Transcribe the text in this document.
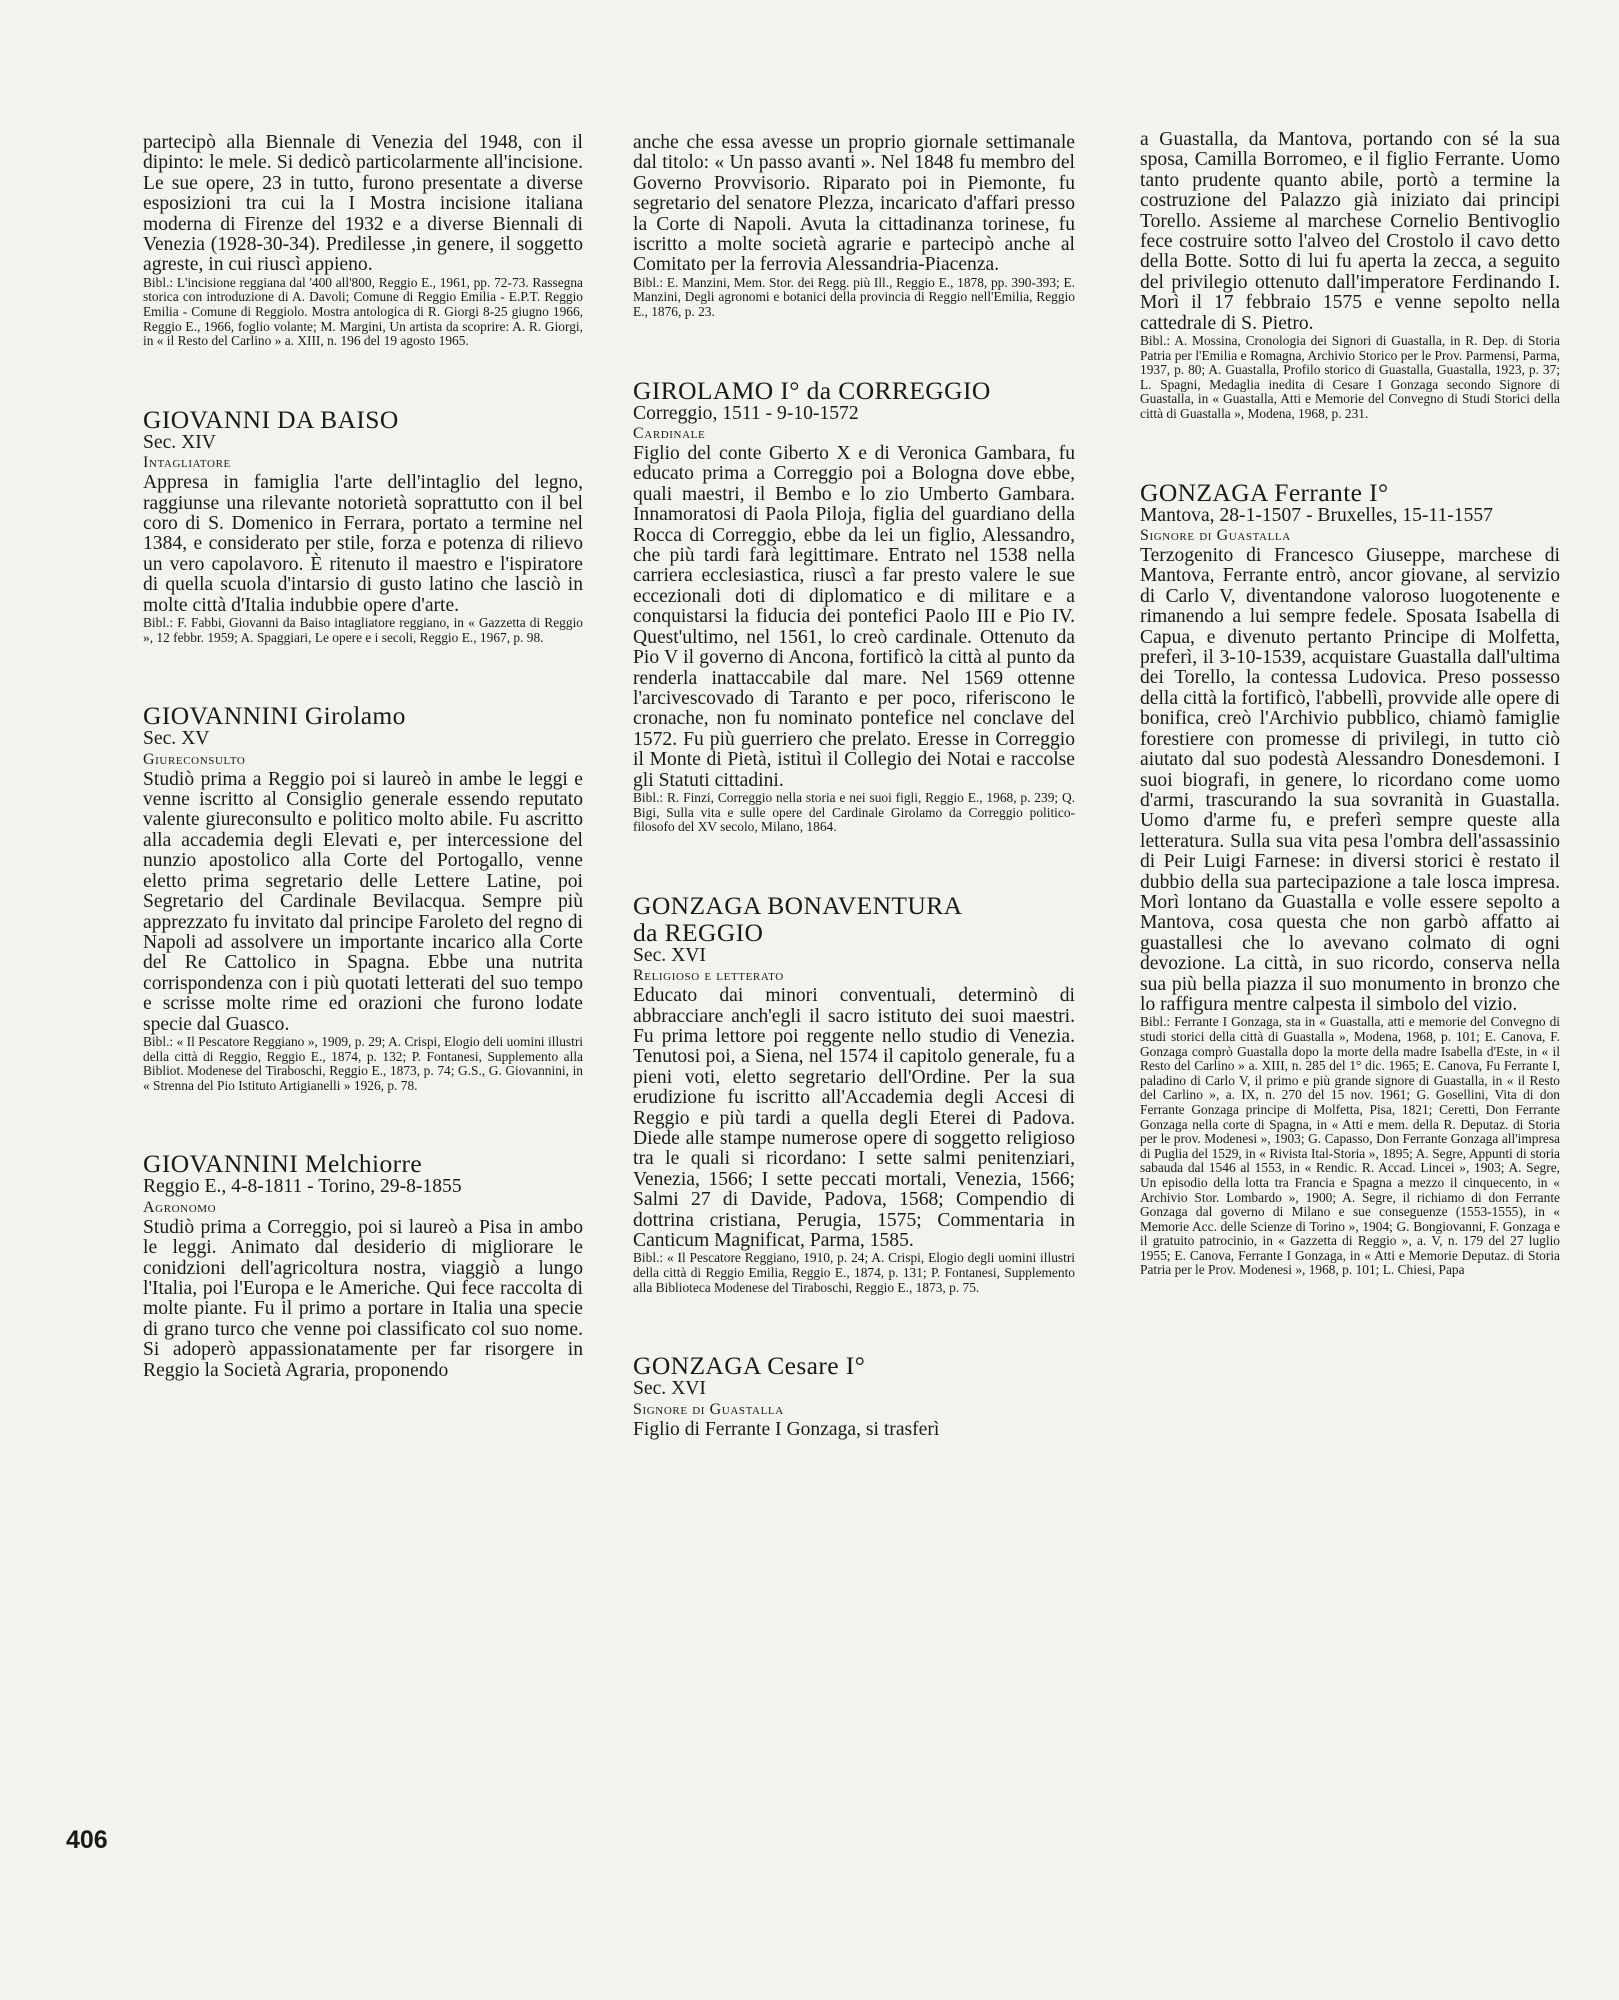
partecipò alla Biennale di Venezia del 1948, con il dipinto: le mele. Si dedicò particolarmente all'incisione. Le sue opere, 23 in tutto, furono presentate a diverse esposizioni tra cui la I Mostra incisione italiana moderna di Firenze del 1932 e a diverse Biennali di Venezia (1928-30-34). Predilesse ,in genere, il soggetto agreste, in cui riuscì appieno.

Bibl.: L'incisione reggiana dal '400 all'800, Reggio E., 1961, pp. 72-73. Rassegna storica con introduzione di A. Davoli; Comune di Reggio Emilia - E.P.T. Reggio Emilia - Comune di Reggiolo. Mostra antologica di R. Giorgi 8-25 giugno 1966, Reggio E., 1966, foglio volante; M. Margini, Un artista da scoprire: A. R. Giorgi, in « il Resto del Carlino » a. XIII, n. 196 del 19 agosto 1965.

GIOVANNI DA BAISO

Sec. XIV

Intagliatore

Appresa in famiglia l'arte dell'intaglio del legno, raggiunse una rilevante notorietà soprattutto con il bel coro di S. Domenico in Ferrara, portato a termine nel 1384, e considerato per stile, forza e potenza di rilievo un vero capolavoro. È ritenuto il maestro e l'ispiratore di quella scuola d'intarsio di gusto latino che lasciò in molte città d'Italia indubbie opere d'arte.

Bibl.: F. Fabbi, Giovanni da Baiso intagliatore reggiano, in « Gazzetta di Reggio », 12 febbr. 1959; A. Spaggiari, Le opere e i secoli, Reggio E., 1967, p. 98.

GIOVANNINI Girolamo

Sec. XV

Giureconsulto

Studiò prima a Reggio poi si laureò in ambe le leggi e venne iscritto al Consiglio generale essendo reputato valente giureconsulto e politico molto abile. Fu ascritto alla accademia degli Elevati e, per intercessione del nunzio apostolico alla Corte del Portogallo, venne eletto prima segretario delle Lettere Latine, poi Segretario del Cardinale Bevilacqua. Sempre più apprezzato fu invitato dal principe Faroleto del regno di Napoli ad assolvere un importante incarico alla Corte del Re Cattolico in Spagna. Ebbe una nutrita corrispondenza con i più quotati letterati del suo tempo e scrisse molte rime ed orazioni che furono lodate specie dal Guasco.

Bibl.: « Il Pescatore Reggiano », 1909, p. 29; A. Crispi, Elogio deli uomini illustri della città di Reggio, Reggio E., 1874, p. 132; P. Fontanesi, Supplemento alla Bibliot. Modenese del Tiraboschi, Reggio E., 1873, p. 74; G.S., G. Giovannini, in « Strenna del Pio Istituto Artigianelli » 1926, p. 78.

GIOVANNINI Melchiorre

Reggio E., 4-8-1811 - Torino, 29-8-1855

Agronomo

Studiò prima a Correggio, poi si laureò a Pisa in ambo le leggi. Animato dal desiderio di migliorare le conidzioni dell'agricoltura nostra, viaggiò a lungo l'Italia, poi l'Europa e le Americhe. Qui fece raccolta di molte piante. Fu il primo a portare in Italia una specie di grano turco che venne poi classificato col suo nome. Si adoperò appassionatamente per far risorgere in Reggio la Società Agraria, proponendo

anche che essa avesse un proprio giornale settimanale dal titolo: « Un passo avanti ». Nel 1848 fu membro del Governo Provvisorio. Riparato poi in Piemonte, fu segretario del senatore Plezza, incaricato d'affari presso la Corte di Napoli. Avuta la cittadinanza torinese, fu iscritto a molte società agrarie e partecipò anche al Comitato per la ferrovia Alessandria-Piacenza.

Bibl.: E. Manzini, Mem. Stor. dei Regg. più Ill., Reggio E., 1878, pp. 390-393; E. Manzini, Degli agronomi e botanici della provincia di Reggio nell'Emilia, Reggio E., 1876, p. 23.

GIROLAMO I° da CORREGGIO

Correggio, 1511 - 9-10-1572

Cardinale

Figlio del conte Giberto X e di Veronica Gambara, fu educato prima a Correggio poi a Bologna dove ebbe, quali maestri, il Bembo e lo zio Umberto Gambara. Innamoratosi di Paola Piloja, figlia del guardiano della Rocca di Correggio, ebbe da lei un figlio, Alessandro, che più tardi farà legittimare. Entrato nel 1538 nella carriera ecclesiastica, riuscì a far presto valere le sue eccezionali doti di diplomatico e di militare e a conquistarsi la fiducia dei pontefici Paolo III e Pio IV. Quest'ultimo, nel 1561, lo creò cardinale. Ottenuto da Pio V il governo di Ancona, fortificò la città al punto da renderla inattaccabile dal mare. Nel 1569 ottenne l'arcivescovado di Taranto e per poco, riferiscono le cronache, non fu nominato pontefice nel conclave del 1572. Fu più guerriero che prelato. Eresse in Correggio il Monte di Pietà, istituì il Collegio dei Notai e raccolse gli Statuti cittadini.

Bibl.: R. Finzi, Correggio nella storia e nei suoi figli, Reggio E., 1968, p. 239; Q. Bigi, Sulla vita e sulle opere del Cardinale Girolamo da Correggio politico-filosofo del XV secolo, Milano, 1864.

GONZAGA BONAVENTURA

da REGGIO

Sec. XVI

Religioso e letterato

Educato dai minori conventuali, determinò di abbracciare anch'egli il sacro istituto dei suoi maestri. Fu prima lettore poi reggente nello studio di Venezia. Tenutosi poi, a Siena, nel 1574 il capitolo generale, fu a pieni voti, eletto segretario dell'Ordine. Per la sua erudizione fu iscritto all'Accademia degli Accesi di Reggio e più tardi a quella degli Eterei di Padova. Diede alle stampe numerose opere di soggetto religioso tra le quali si ricordano: I sette salmi penitenziari, Venezia, 1566; I sette peccati mortali, Venezia, 1566; Salmi 27 di Davide, Padova, 1568; Compendio di dottrina cristiana, Perugia, 1575; Commentaria in Canticum Magnificat, Parma, 1585.

Bibl.: « Il Pescatore Reggiano, 1910, p. 24; A. Crispi, Elogio degli uomini illustri della città di Reggio Emilia, Reggio E., 1874, p. 131; P. Fontanesi, Supplemento alla Biblioteca Modenese del Tiraboschi, Reggio E., 1873, p. 75.

GONZAGA Cesare I°

Sec. XVI

Signore di Guastalla

Figlio di Ferrante I Gonzaga, si trasferì

a Guastalla, da Mantova, portando con sé la sua sposa, Camilla Borromeo, e il figlio Ferrante. Uomo tanto prudente quanto abile, portò a termine la costruzione del Palazzo già iniziato dai principi Torello. Assieme al marchese Cornelio Bentivoglio fece costruire sotto l'alveo del Crostolo il cavo detto della Botte. Sotto di lui fu aperta la zecca, a seguito del privilegio ottenuto dall'imperatore Ferdinando I. Morì il 17 febbraio 1575 e venne sepolto nella cattedrale di S. Pietro.

Bibl.: A. Mossina, Cronologia dei Signori di Guastalla, in R. Dep. di Storia Patria per l'Emilia e Romagna, Archivio Storico per le Prov. Parmensi, Parma, 1937, p. 80; A. Guastalla, Profilo storico di Guastalla, Guastalla, 1923, p. 37; L. Spagni, Medaglia inedita di Cesare I Gonzaga secondo Signore di Guastalla, in « Guastalla, Atti e Memorie del Convegno di Studi Storici della città di Guastalla », Modena, 1968, p. 231.

GONZAGA Ferrante I°

Mantova, 28-1-1507 - Bruxelles, 15-11-1557

Signore di Guastalla

Terzogenito di Francesco Giuseppe, marchese di Mantova, Ferrante entrò, ancor giovane, al servizio di Carlo V, diventandone valoroso luogotenente e rimanendo a lui sempre fedele. Sposata Isabella di Capua, e divenuto pertanto Principe di Molfetta, preferì, il 3-10-1539, acquistare Guastalla dall'ultima dei Torello, la contessa Ludovica. Preso possesso della città la fortificò, l'abbellì, provvide alle opere di bonifica, creò l'Archivio pubblico, chiamò famiglie forestiere con promesse di privilegi, in tutto ciò aiutato dal suo podestà Alessandro Donesdemoni. I suoi biografi, in genere, lo ricordano come uomo d'armi, trascurando la sua sovranità in Guastalla. Uomo d'arme fu, e preferì sempre queste alla letteratura. Sulla sua vita pesa l'ombra dell'assassinio di Peir Luigi Farnese: in diversi storici è restato il dubbio della sua partecipazione a tale losca impresa. Morì lontano da Guastalla e volle essere sepolto a Mantova, cosa questa che non garbò affatto ai guastallesi che lo avevano colmato di ogni devozione. La città, in suo ricordo, conserva nella sua più bella piazza il suo monumento in bronzo che lo raffigura mentre calpesta il simbolo del vizio.

Bibl.: Ferrante I Gonzaga, sta in « Guastalla, atti e memorie del Convegno di studi storici della città di Guastalla », Modena, 1968, p. 101; E. Canova, F. Gonzaga comprò Guastalla dopo la morte della madre Isabella d'Este, in « il Resto del Carlino » a. XIII, n. 285 del 1° dic. 1965; E. Canova, Fu Ferrante I, paladino di Carlo V, il primo e più grande signore di Guastalla, in « il Resto del Carlino », a. IX, n. 270 del 15 nov. 1961; G. Gosellini, Vita di don Ferrante Gonzaga principe di Molfetta, Pisa, 1821; Ceretti, Don Ferrante Gonzaga nella corte di Spagna, in « Atti e mem. della R. Deputaz. di Storia per le prov. Modenesi », 1903; G. Capasso, Don Ferrante Gonzaga all'impresa di Puglia del 1529, in « Rivista Ital-Storia », 1895; A. Segre, Appunti di storia sabauda dal 1546 al 1553, in « Rendic. R. Accad. Lincei », 1903; A. Segre, Un episodio della lotta tra Francia e Spagna a mezzo il cinquecento, in « Archivio Stor. Lombardo », 1900; A. Segre, il richiamo di don Ferrante Gonzaga dal governo di Milano e sue conseguenze (1553-1555), in « Memorie Acc. delle Scienze di Torino », 1904; G. Bongiovanni, F. Gonzaga e il gratuito patrocinio, in « Gazzetta di Reggio », a. V, n. 179 del 27 luglio 1955; E. Canova, Ferrante I Gonzaga, in « Atti e Memorie Deputaz. di Storia Patria per le Prov. Modenesi », 1968, p. 101; L. Chiesi, Papa

406
